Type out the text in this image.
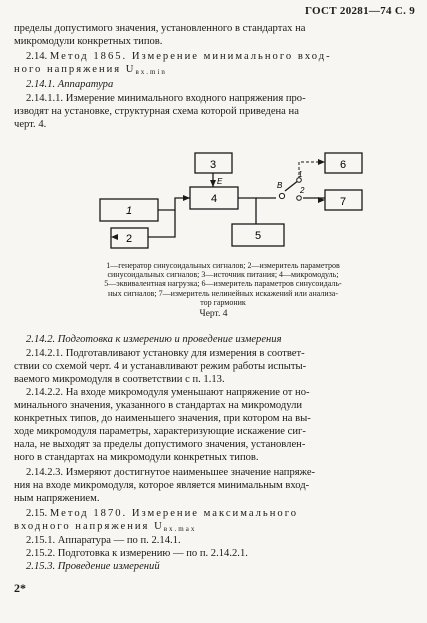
ГОСТ 20281—74 С. 9
пределы допустимого значения, установленного в стандартах на
микромодули конкретных типов.
2.14. Метод 1865. Измерение минимального вход-
ного напряжения $U_{вх.min}$
2.14.1. Аппаратура
2.14.1.1. Измерение минимального входного напряжения про-
изводят на установке, структурная схема которой приведена на
черт. 4.
1
2
3
4
5
6
7
E	B
1
2
1—генератор синусоидальных сигналов; 2—измеритель параметров
синусоидальных сигналов; 3—источник питания; 4—микромодуль;
5—эквивалентная нагрузка; 6—измеритель параметров синусоидаль-
ных сигналов; 7—измеритель нелинейных искажений или анализа-
тор гармоник
Черт. 4
2.14.2. Подготовка к измерению и проведение измерения
2.14.2.1. Подготавливают установку для измерения в соответ-
ствии со схемой черт. 4 и устанавливают режим работы испыты-
ваемого микромодуля в соответствии с п. 1.13.
2.14.2.2. На входе микромодуля уменьшают напряжение от но-
минального значения, указанного в стандартах на микромодули
конкретных типов, до наименьшего значения, при котором на вы-
ходе микромодуля параметры, характеризующие искажение сиг-
нала, не выходят за пределы допустимого значения, установлен-
ного в стандартах на микромодули конкретных типов.
2.14.2.3. Измеряют достигнутое наименьшее значение напряже-
ния на входе микромодуля, которое является минимальным вход-
ным напряжением.
2.15. Метод 1870. Измерение максимального
входного напряжения $U_{вх.max}$
2.15.1. Аппаратура — по п. 2.14.1.
2.15.2. Подготовка к измерению — по п. 2.14.2.1.
2.15.3. Проведение измерений
2*
